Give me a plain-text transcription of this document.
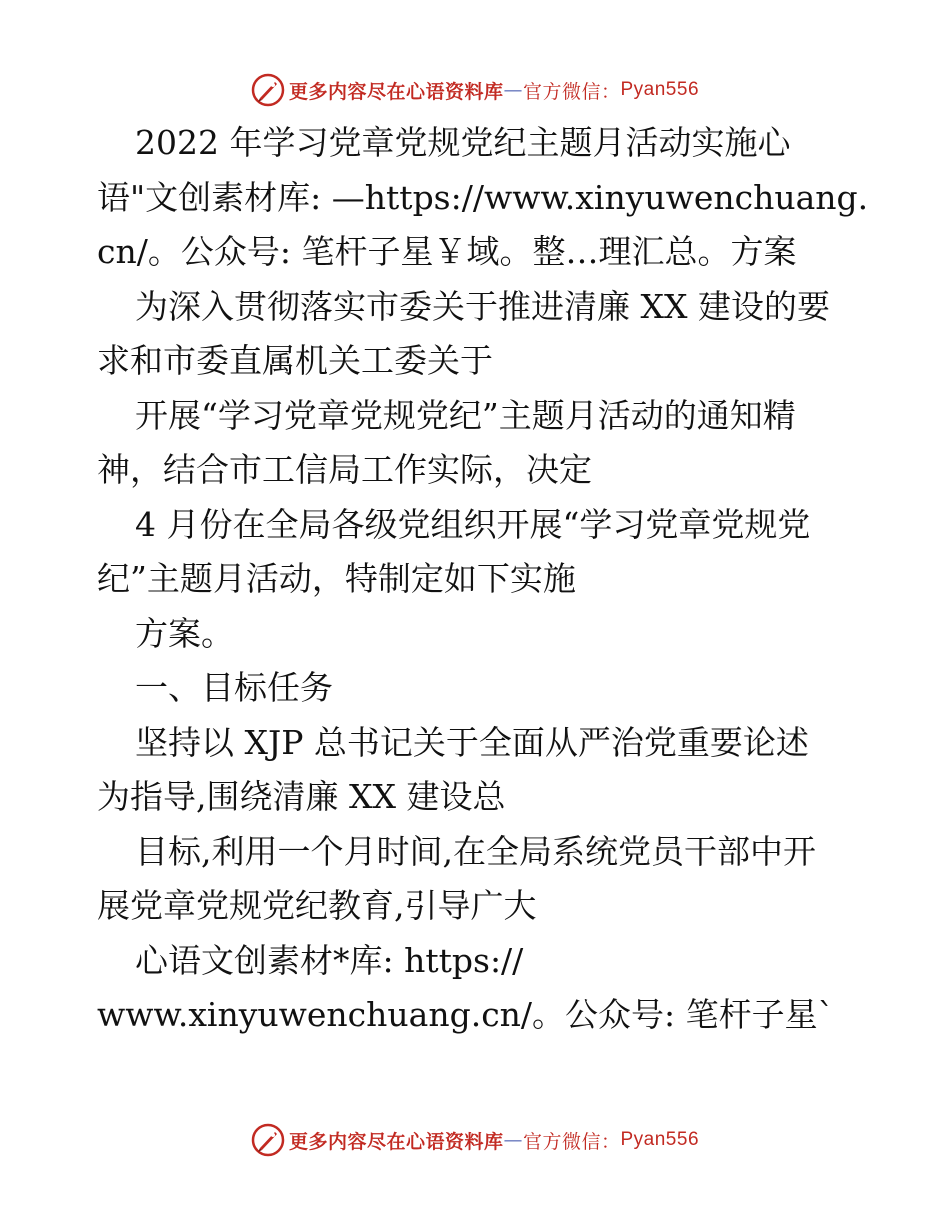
更多内容尽在心语资料库 — 官方微信： Pyan556
2022 年学习党章党规党纪主题月活动实施心
语"文创素材库: —https://www.xinyuwenchuang.
cn/。公众号: 笔杆子星￥域。整…理汇总。方案
为深入贯彻落实市委关于推进清廉 XX 建设的要
求和市委直属机关工委关于
开展“学习党章党规党纪”主题月活动的通知精
神，结合市工信局工作实际，决定
4 月份在全局各级党组织开展“学习党章党规党
纪”主题月活动，特制定如下实施
方案。
一、目标任务
坚持以 XJP 总书记关于全面从严治党重要论述
为指导,围绕清廉 XX 建设总
目标,利用一个月时间,在全局系统党员干部中开
展党章党规党纪教育,引导广大
心语文创素材*库: https://
www.xinyuwenchuang.cn/。公众号: 笔杆子星`
更多内容尽在心语资料库 — 官方微信： Pyan556
